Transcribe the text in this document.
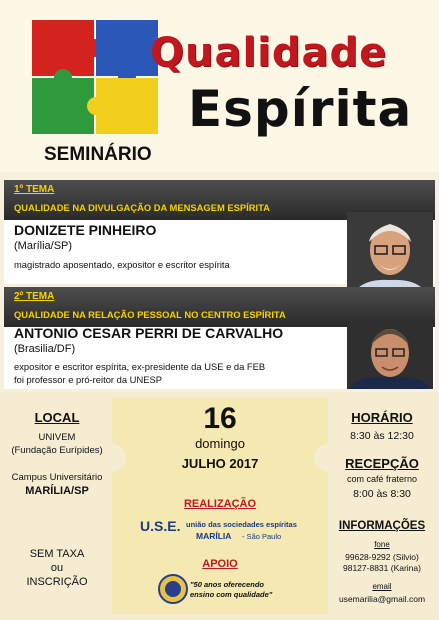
Qualidade
Espírita
SEMINÁRIO
1º TEMA
QUALIDADE NA DIVULGAÇÃO DA MENSAGEM ESPÍRITA
DONIZETE PINHEIRO
(Marília/SP)
magistrado aposentado, expositor e escritor espírita
2º TEMA
QUALIDADE NA RELAÇÃO PESSOAL NO CENTRO ESPÍRITA
ANTONIO CESAR PERRI DE CARVALHO
(Brasilia/DF)
expositor e escritor espírita, ex-presidente da USE e da FEB
foi professor e pró-reitor da UNESP
LOCAL
UNIVEM
(Fundação Eurípides)
Campus Universitário
MARÍLIA/SP
SEM TAXA
ou
INSCRIÇÃO
16
domingo
JULHO 2017
REALIZAÇÃO
U.S.E. união das sociedades espíritas
MARÍLIA	- São Paulo
APOIO
"50 anos oferecendo
ensino com qualidade"
HORÁRIO
8:30 às 12:30
RECEPÇÃO
com café fraterno
8:00 às 8:30
INFORMAÇÕES
fone
99628-9292 (Silvio)
98127-8831 (Karina)
email
usemarilia@gmail.com
